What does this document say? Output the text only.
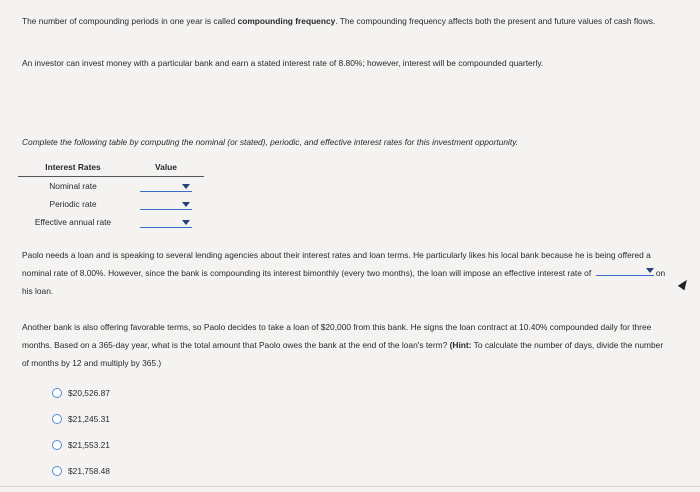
The number of compounding periods in one year is called compounding frequency. The compounding frequency affects both the present and future values of cash flows.
An investor can invest money with a particular bank and earn a stated interest rate of 8.80%; however, interest will be compounded quarterly.
Complete the following table by computing the nominal (or stated), periodic, and effective interest rates for this investment opportunity.
Interest Rates	Value
Nominal rate	

Periodic rate	

Effective annual rate	
Paolo needs a loan and is speaking to several lending agencies about their interest rates and loan terms. He particularly likes his local bank because he is being offered a nominal rate of 8.00%. However, since the bank is compounding its interest bimonthly (every two months), the loan will impose an effective interest rate of	on his loan.
Another bank is also offering favorable terms, so Paolo decides to take a loan of $20,000 from this bank. He signs the loan contract at 10.40% compounded daily for three months. Based on a 365-day year, what is the total amount that Paolo owes the bank at the end of the loan's term? (Hint: To calculate the number of days, divide the number of months by 12 and multiply by 365.)
$20,526.87
$21,245.31
$21,553.21
$21,758.48
